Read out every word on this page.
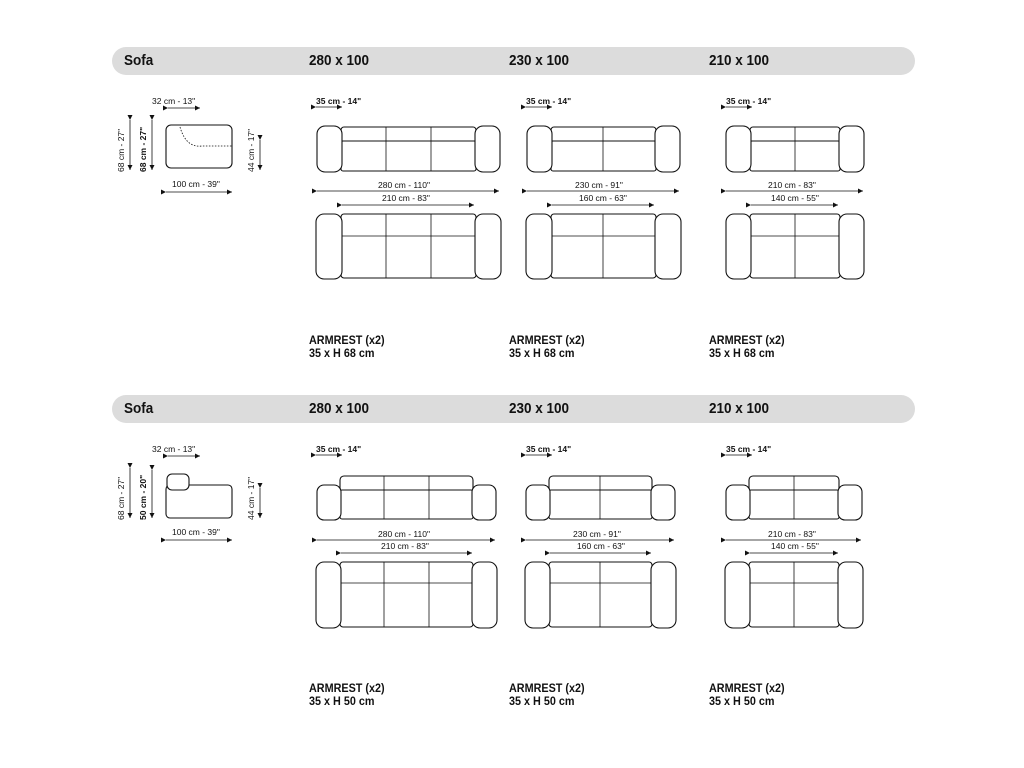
Sofa	280 x 100	230 x 100	210 x 100
Sofa	280 x 100	230 x 100	210 x 100
ARMREST (x2)
35 x H 68 cm
ARMREST (x2)
35 x H 68 cm
ARMREST (x2)
35 x H 68 cm
ARMREST (x2)
35 x H 50 cm
ARMREST (x2)
35 x H 50 cm
ARMREST (x2)
35 x H 50 cm
32 cm - 13"
68 cm - 27" 68 cm - 27"	44 cm - 17"
100 cm - 39"
35 cm - 14"
280 cm - 110"
210 cm - 83"
35 cm - 14"
230 cm - 91"
160 cm - 63"
35 cm - 14"
210 cm - 83"
140 cm - 55"
32 cm - 13"
68 cm - 27" 50 cm - 20"	44 cm - 17"
100 cm - 39"
35 cm - 14"
280 cm - 110"
210 cm - 83"
35 cm - 14"
230 cm - 91"
160 cm - 63"
35 cm - 14"
210 cm - 83"
140 cm - 55"
